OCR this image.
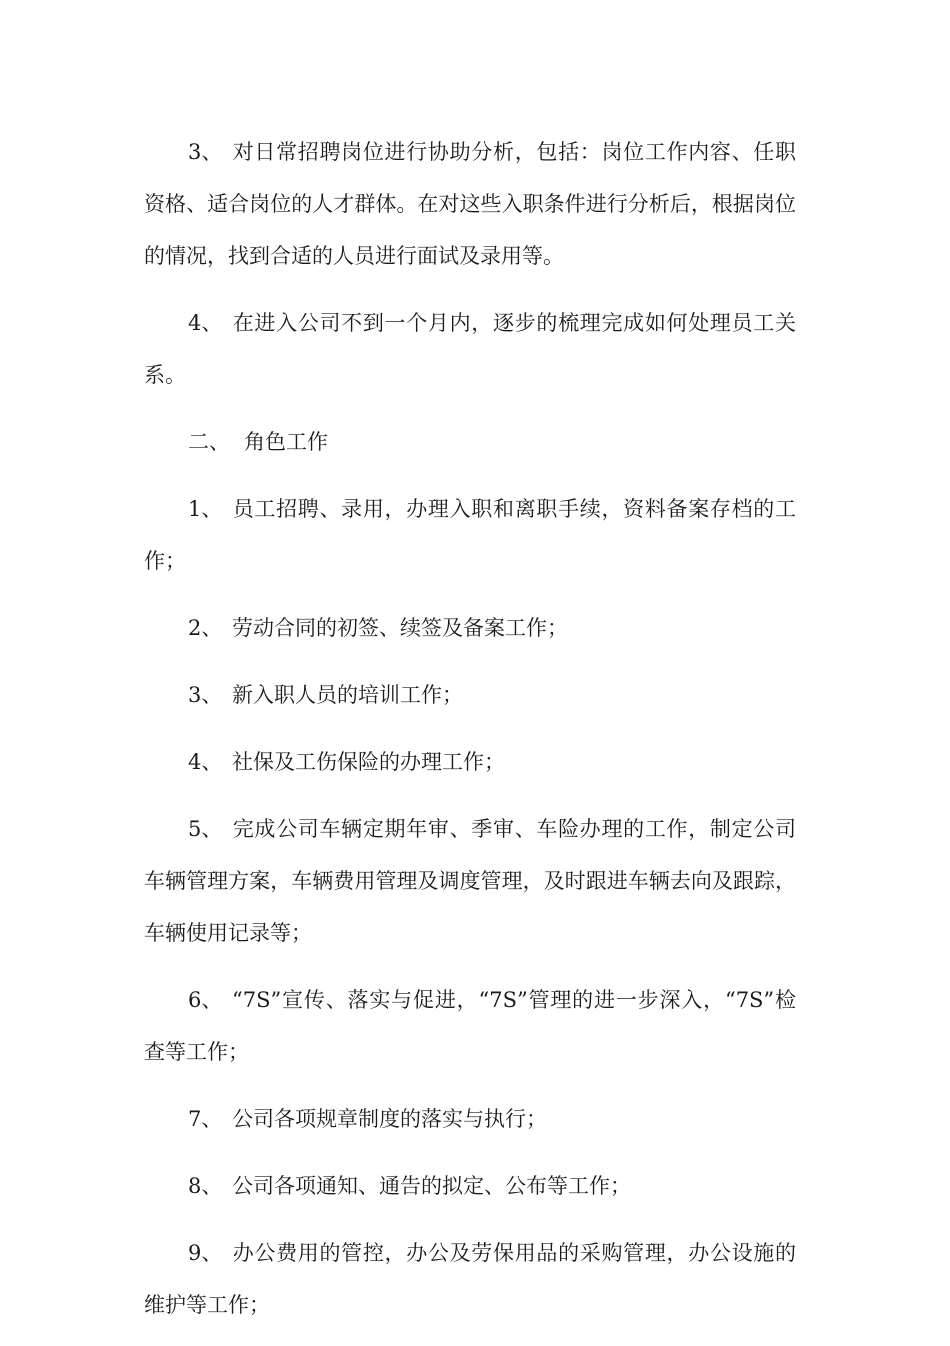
3、 对日常招聘岗位进行协助分析，包括：岗位工作内容、任职资格、适合岗位的人才群体。在对这些入职条件进行分析后，根据岗位的情况，找到合适的人员进行面试及录用等。

4、 在进入公司不到一个月内，逐步的梳理完成如何处理员工关系。

二、 角色工作

1、 员工招聘、录用，办理入职和离职手续，资料备案存档的工作；

2、 劳动合同的初签、续签及备案工作；

3、 新入职人员的培训工作；

4、 社保及工伤保险的办理工作；

5、 完成公司车辆定期年审、季审、车险办理的工作，制定公司车辆管理方案，车辆费用管理及调度管理，及时跟进车辆去向及跟踪，车辆使用记录等；

6、 “7S”宣传、落实与促进，“7S”管理的进一步深入，“7S”检查等工作；

7、 公司各项规章制度的落实与执行；

8、 公司各项通知、通告的拟定、公布等工作；

9、 办公费用的管控，办公及劳保用品的采购管理，办公设施的维护等工作；
